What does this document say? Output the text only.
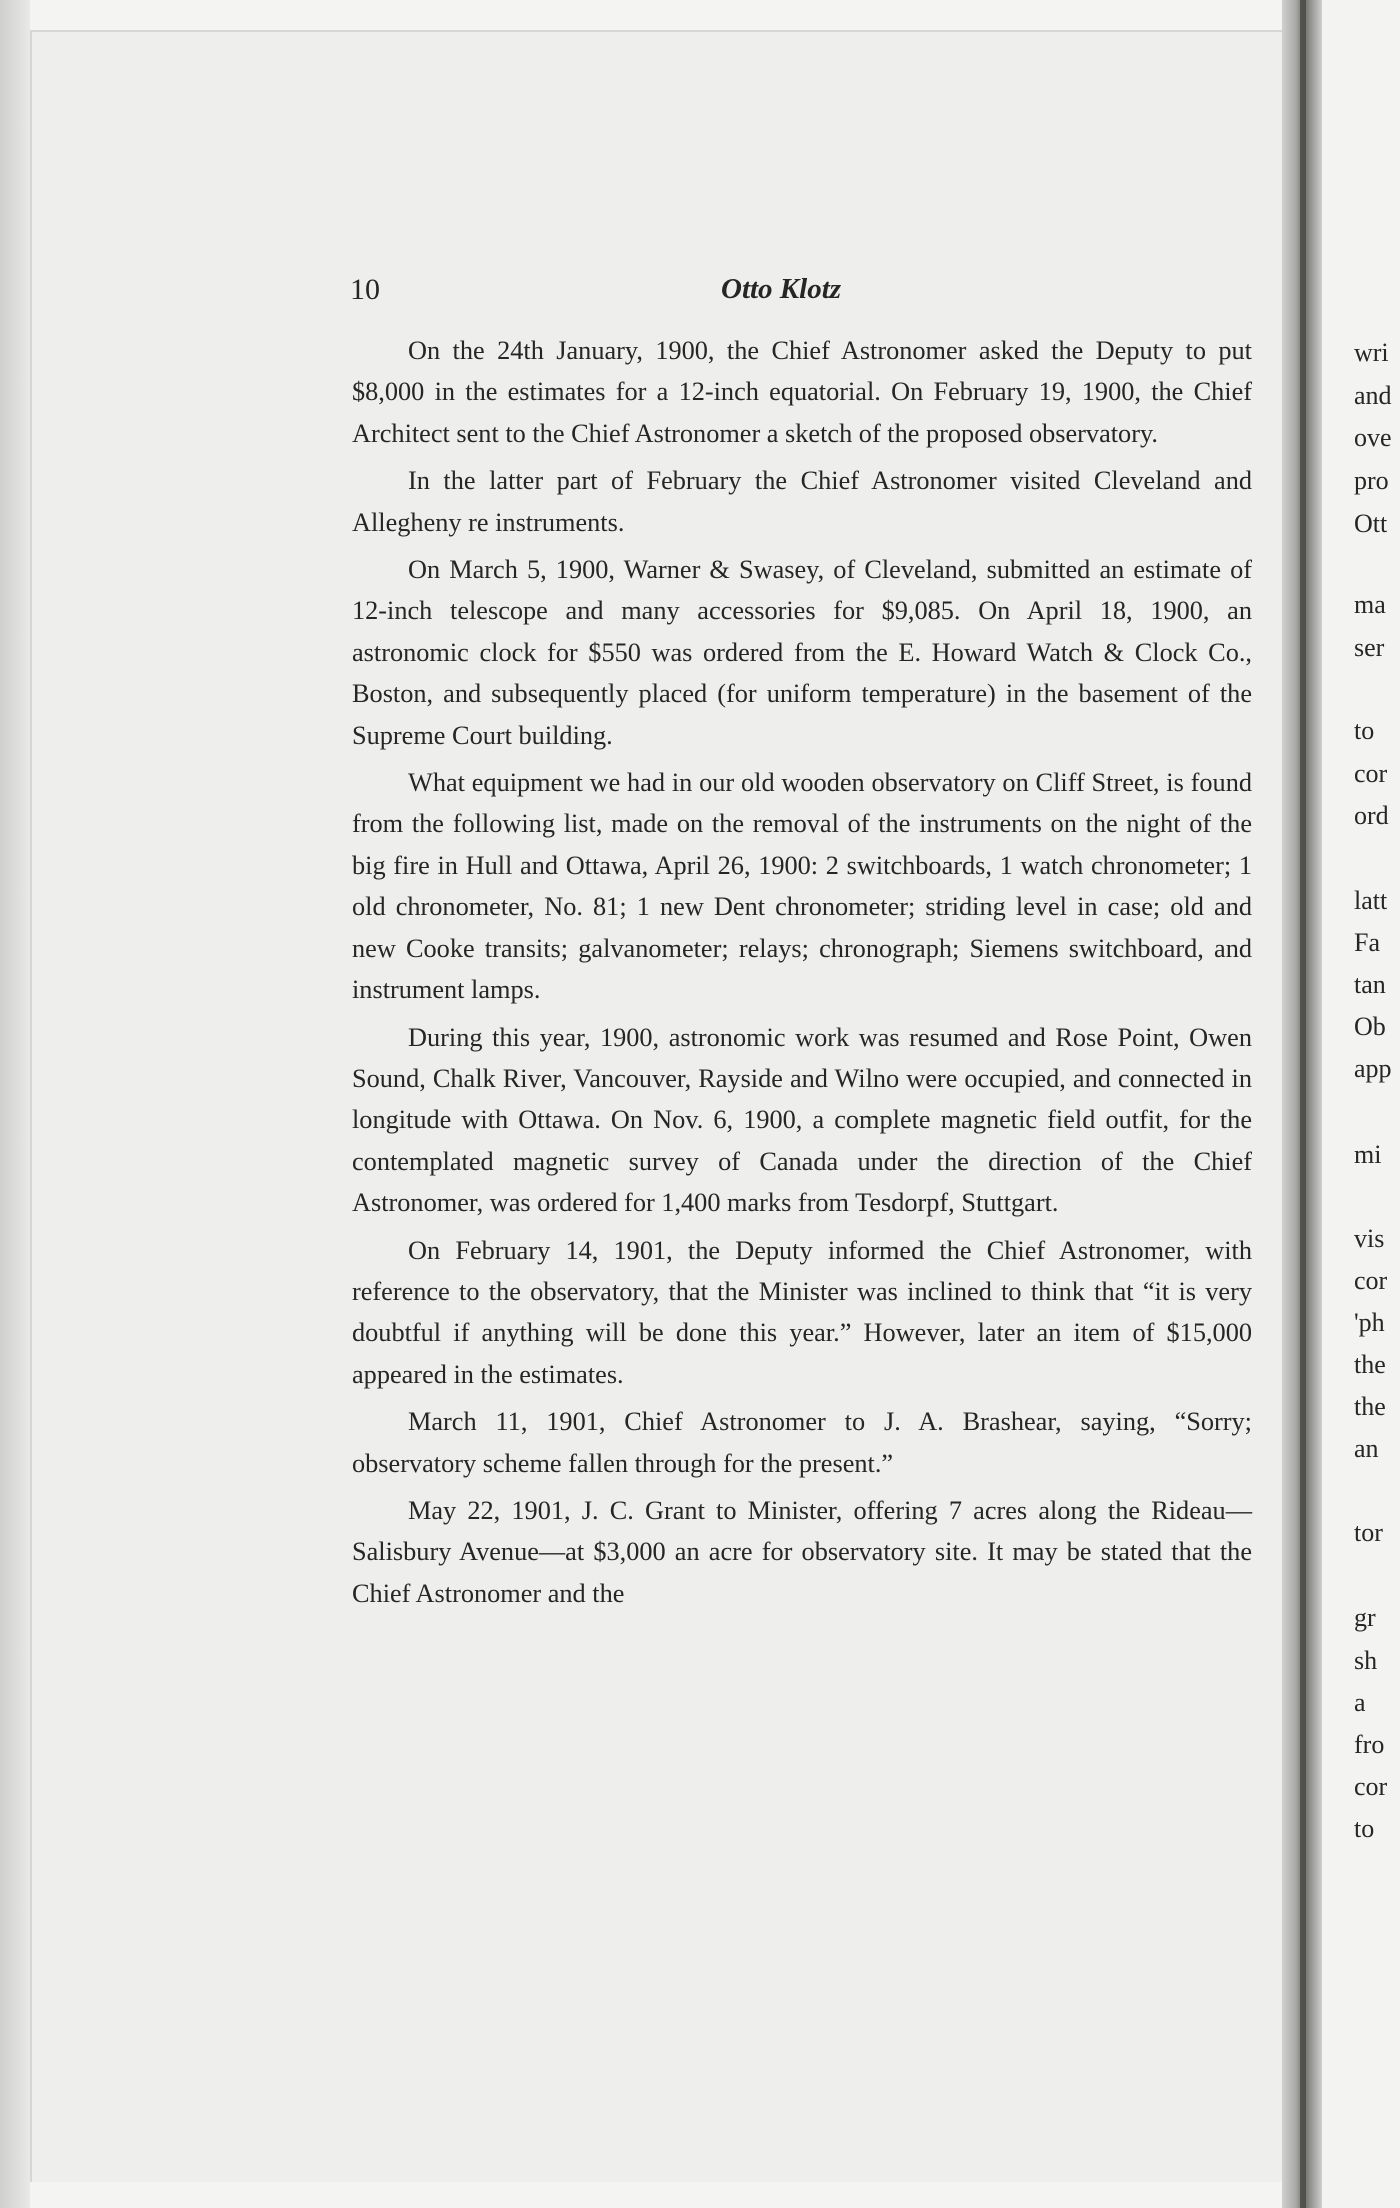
10	Otto Klotz

On the 24th January, 1900, the Chief Astronomer asked the Deputy to put $8,000 in the estimates for a 12-inch equatorial. On February 19, 1900, the Chief Architect sent to the Chief Astronomer a sketch of the proposed observatory.

In the latter part of February the Chief Astronomer visited Cleveland and Allegheny re instruments.

On March 5, 1900, Warner & Swasey, of Cleveland, submitted an estimate of 12-inch telescope and many accessories for $9,085. On April 18, 1900, an astronomic clock for $550 was ordered from the E. Howard Watch & Clock Co., Boston, and subsequently placed (for uniform temperature) in the basement of the Supreme Court building.

What equipment we had in our old wooden observatory on Cliff Street, is found from the following list, made on the removal of the instruments on the night of the big fire in Hull and Ottawa, April 26, 1900: 2 switchboards, 1 watch chronometer; 1 old chronometer, No. 81; 1 new Dent chronometer; striding level in case; old and new Cooke transits; galvanometer; relays; chronograph; Siemens switchboard, and instrument lamps.

During this year, 1900, astronomic work was resumed and Rose Point, Owen Sound, Chalk River, Vancouver, Rayside and Wilno were occupied, and connected in longitude with Ottawa. On Nov. 6, 1900, a complete magnetic field outfit, for the contemplated magnetic survey of Canada under the direction of the Chief Astronomer, was ordered for 1,400 marks from Tesdorpf, Stuttgart.

On February 14, 1901, the Deputy informed the Chief Astronomer, with reference to the observatory, that the Minister was inclined to think that “it is very doubtful if anything will be done this year.” However, later an item of $15,000 appeared in the estimates.

March 11, 1901, Chief Astronomer to J. A. Brashear, saying, “Sorry; observatory scheme fallen through for the present.”

May 22, 1901, J. C. Grant to Minister, offering 7 acres along the Rideau—Salisbury Avenue—at $3,000 an acre for observatory site. It may be stated that the Chief Astronomer and the

wri
and
ove
pro
Ott
ma
ser
to
cor
ord
latt
Fa
tan
Ob
app
mi
vis
cor
'ph
the
the
an
tor
gr
sh
a
fro
cor
to
